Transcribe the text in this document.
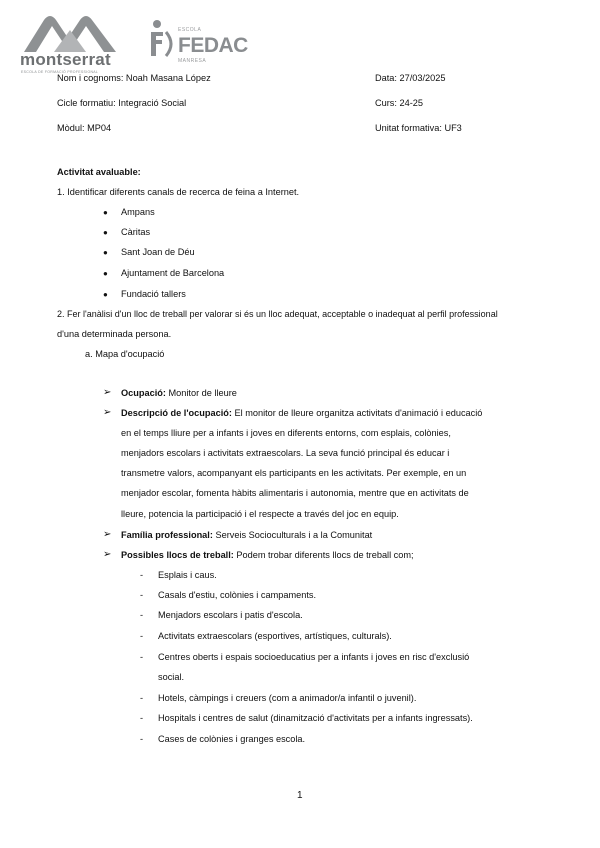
montserrat
ESCOLA DE FORMACIÓ PROFESSIONAL
ESCOLA
FEDAC
MANRESA
Nom i cognoms: Noah Masana López	Data: 27/03/2025
Cicle formatiu: Integració Social	Curs: 24-25
Mòdul: MP04	Unitat formativa: UF3
Activitat avaluable:
1. Identificar diferents canals de recerca de feina a Internet.
● Ampans
● Càritas
● Sant Joan de Déu
● Ajuntament de Barcelona
● Fundació tallers
2. Fer l'anàlisi d'un lloc de treball per valorar si és un lloc adequat, acceptable o inadequat al perfil professional
d'una determinada persona.
a. Mapa d'ocupació
➢ Ocupació: Monitor de lleure
➢ Descripció de l'ocupació: El monitor de lleure organitza activitats d'animació i educació
en el temps lliure per a infants i joves en diferents entorns, com esplais, colònies,
menjadors escolars i activitats extraescolars. La seva funció principal és educar i
transmetre valors, acompanyant els participants en les activitats. Per exemple, en un
menjador escolar, fomenta hàbits alimentaris i autonomia, mentre que en activitats de
lleure, potencia la participació i el respecte a través del joc en equip.
➢ Família professional: Serveis Socioculturals i a la Comunitat
➢ Possibles llocs de treball: Podem trobar diferents llocs de treball com;
- Esplais i caus.
- Casals d'estiu, colònies i campaments.
- Menjadors escolars i patis d'escola.
- Activitats extraescolars (esportives, artístiques, culturals).
- Centres oberts i espais socioeducatius per a infants i joves en risc d'exclusió
social.
- Hotels, càmpings i creuers (com a animador/a infantil o juvenil).
- Hospitals i centres de salut (dinamització d'activitats per a infants ingressats).
- Cases de colònies i granges escola.
1
